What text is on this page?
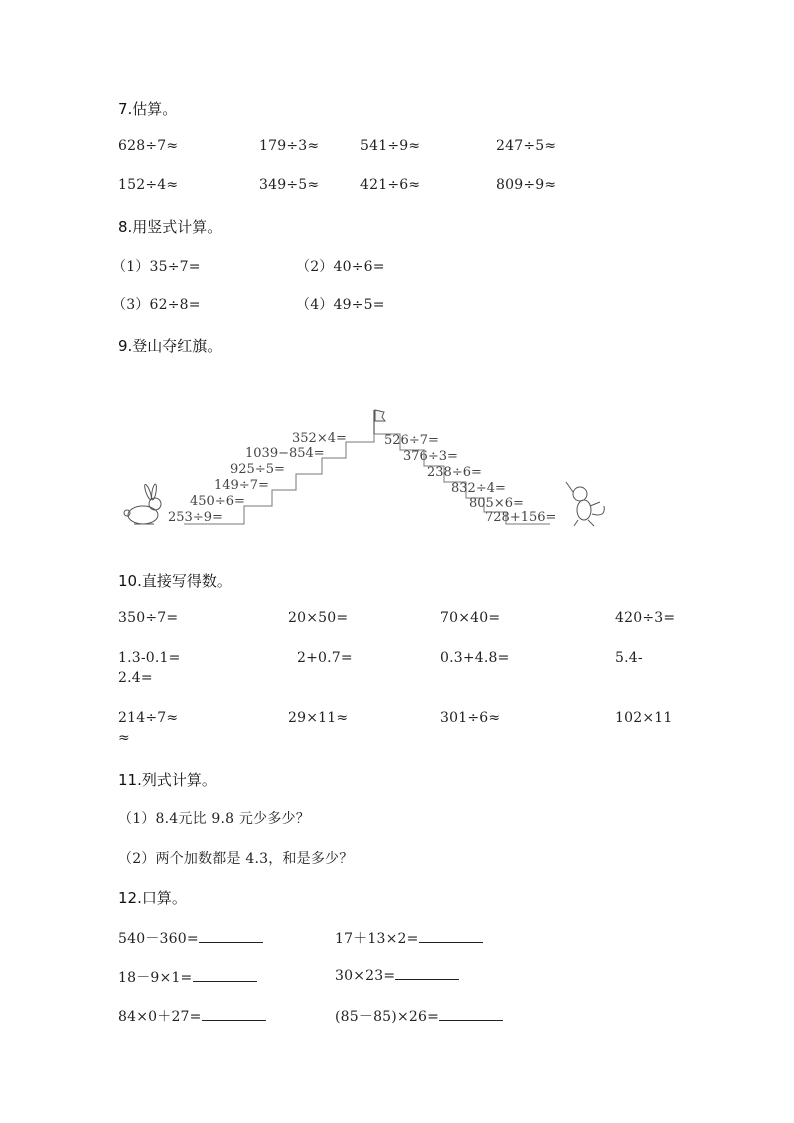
7.估算。
628÷7≈	179÷3≈	541÷9≈	247÷5≈
152÷4≈	349÷5≈	421÷6≈	809÷9≈
8.用竖式计算。
（1）35÷7=	（2）40÷6=
（3）62÷8=	（4）49÷5=
9.登山夺红旗。
253÷9=
450÷6=
149÷7=
925÷5=
1039−854=
352×4=	526÷7=
376÷3=
238÷6=
832÷4=
805×6=
728+156=
10.直接写得数。
350÷7=	20×50=	70×40=	420÷3=
1.3-0.1=	2+0.7=	0.3+4.8=	5.4-
2.4=
214÷7≈	29×11≈	301÷6≈	102×11
≈
11.列式计算。
（1）8.4元比 9.8 元少多少？
（2）两个加数都是 4.3，和是多少？
12.口算。
540－360=	17＋13×2=
18－9×1=	30×23=
84×0＋27=	(85－85)×26=
